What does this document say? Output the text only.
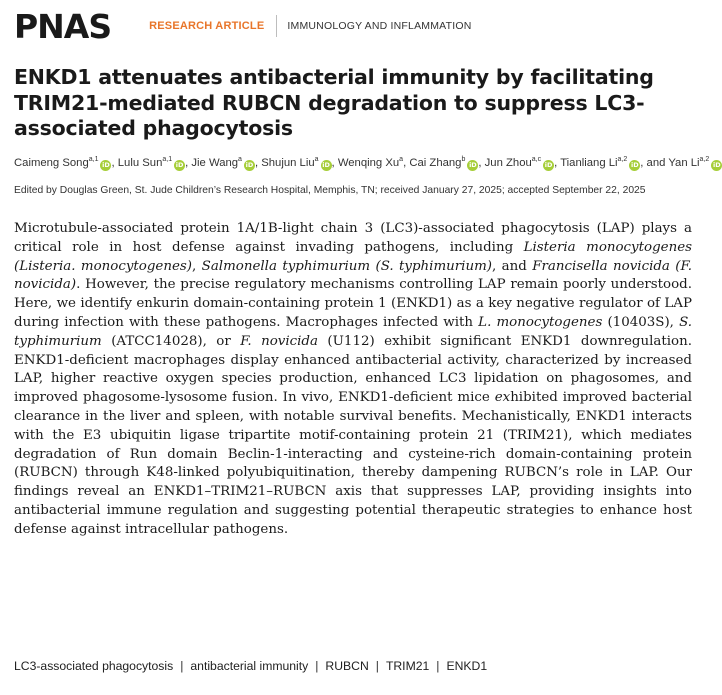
PNAS	RESEARCH ARTICLE IMMUNOLOGY AND INFLAMMATION
ENKD1 attenuates antibacterial immunity by facilitating TRIM21-mediated RUBCN degradation to suppress LC3-associated phagocytosis
Caimeng Song$^{a,1}$iD , Lulu Sun$^{a,1}$iD , Jie Wang$^a$iD , Shujun Liu$^a$iD , Wenqing Xu$^a$, Cai Zhang$^b$iD , Jun Zhou$^{a,c}$iD , Tianliang Li$^{a,2}$iD , and Yan Li$^{a,2}$iD
Edited by Douglas Green, St. Jude Children’s Research Hospital, Memphis, TN; received January 27, 2025; accepted September 22, 2025

Microtubule-associated protein 1A/1B-light chain 3 (LC3)-associated phagocytosis (LAP) plays a critical role in host defense against invading pathogens, including Listeria monocytogenes (Listeria. monocytogenes), Salmonella typhimurium (S. typhimurium), and Francisella novicida (F. novicida). However, the precise regulatory mechanisms controlling LAP remain poorly understood. Here, we identify enkurin domain-containing protein 1 (ENKD1) as a key negative regulator of LAP during infection with these pathogens. Macrophages infected with L. monocytogenes (10403S), S. typhimurium (ATCC14028), or F. novicida (U112) exhibit significant ENKD1 downregulation. ENKD1-deficient macrophages display enhanced antibacterial activity, characterized by increased LAP, higher reactive oxygen species production, enhanced LC3 lipidation on phagosomes, and improved phagosome-lysosome fusion. In vivo, ENKD1-deficient mice exhibited improved bacterial clearance in the liver and spleen, with notable survival benefits. Mechanistically, ENKD1 interacts with the E3 ubiquitin ligase tripartite motif-containing protein 21 (TRIM21), which mediates degradation of Run domain Beclin-1-interacting and cysteine-rich domain-containing protein (RUBCN) through K48-linked polyubiquitination, thereby dampening RUBCN’s role in LAP. Our findings reveal an ENKD1–TRIM21–RUBCN axis that suppresses LAP, providing insights into antibacterial immune regulation and suggesting potential therapeutic strategies to enhance host defense against intracellular pathogens.

LC3-associated phagocytosis | antibacterial immunity | RUBCN | TRIM21 | ENKD1
